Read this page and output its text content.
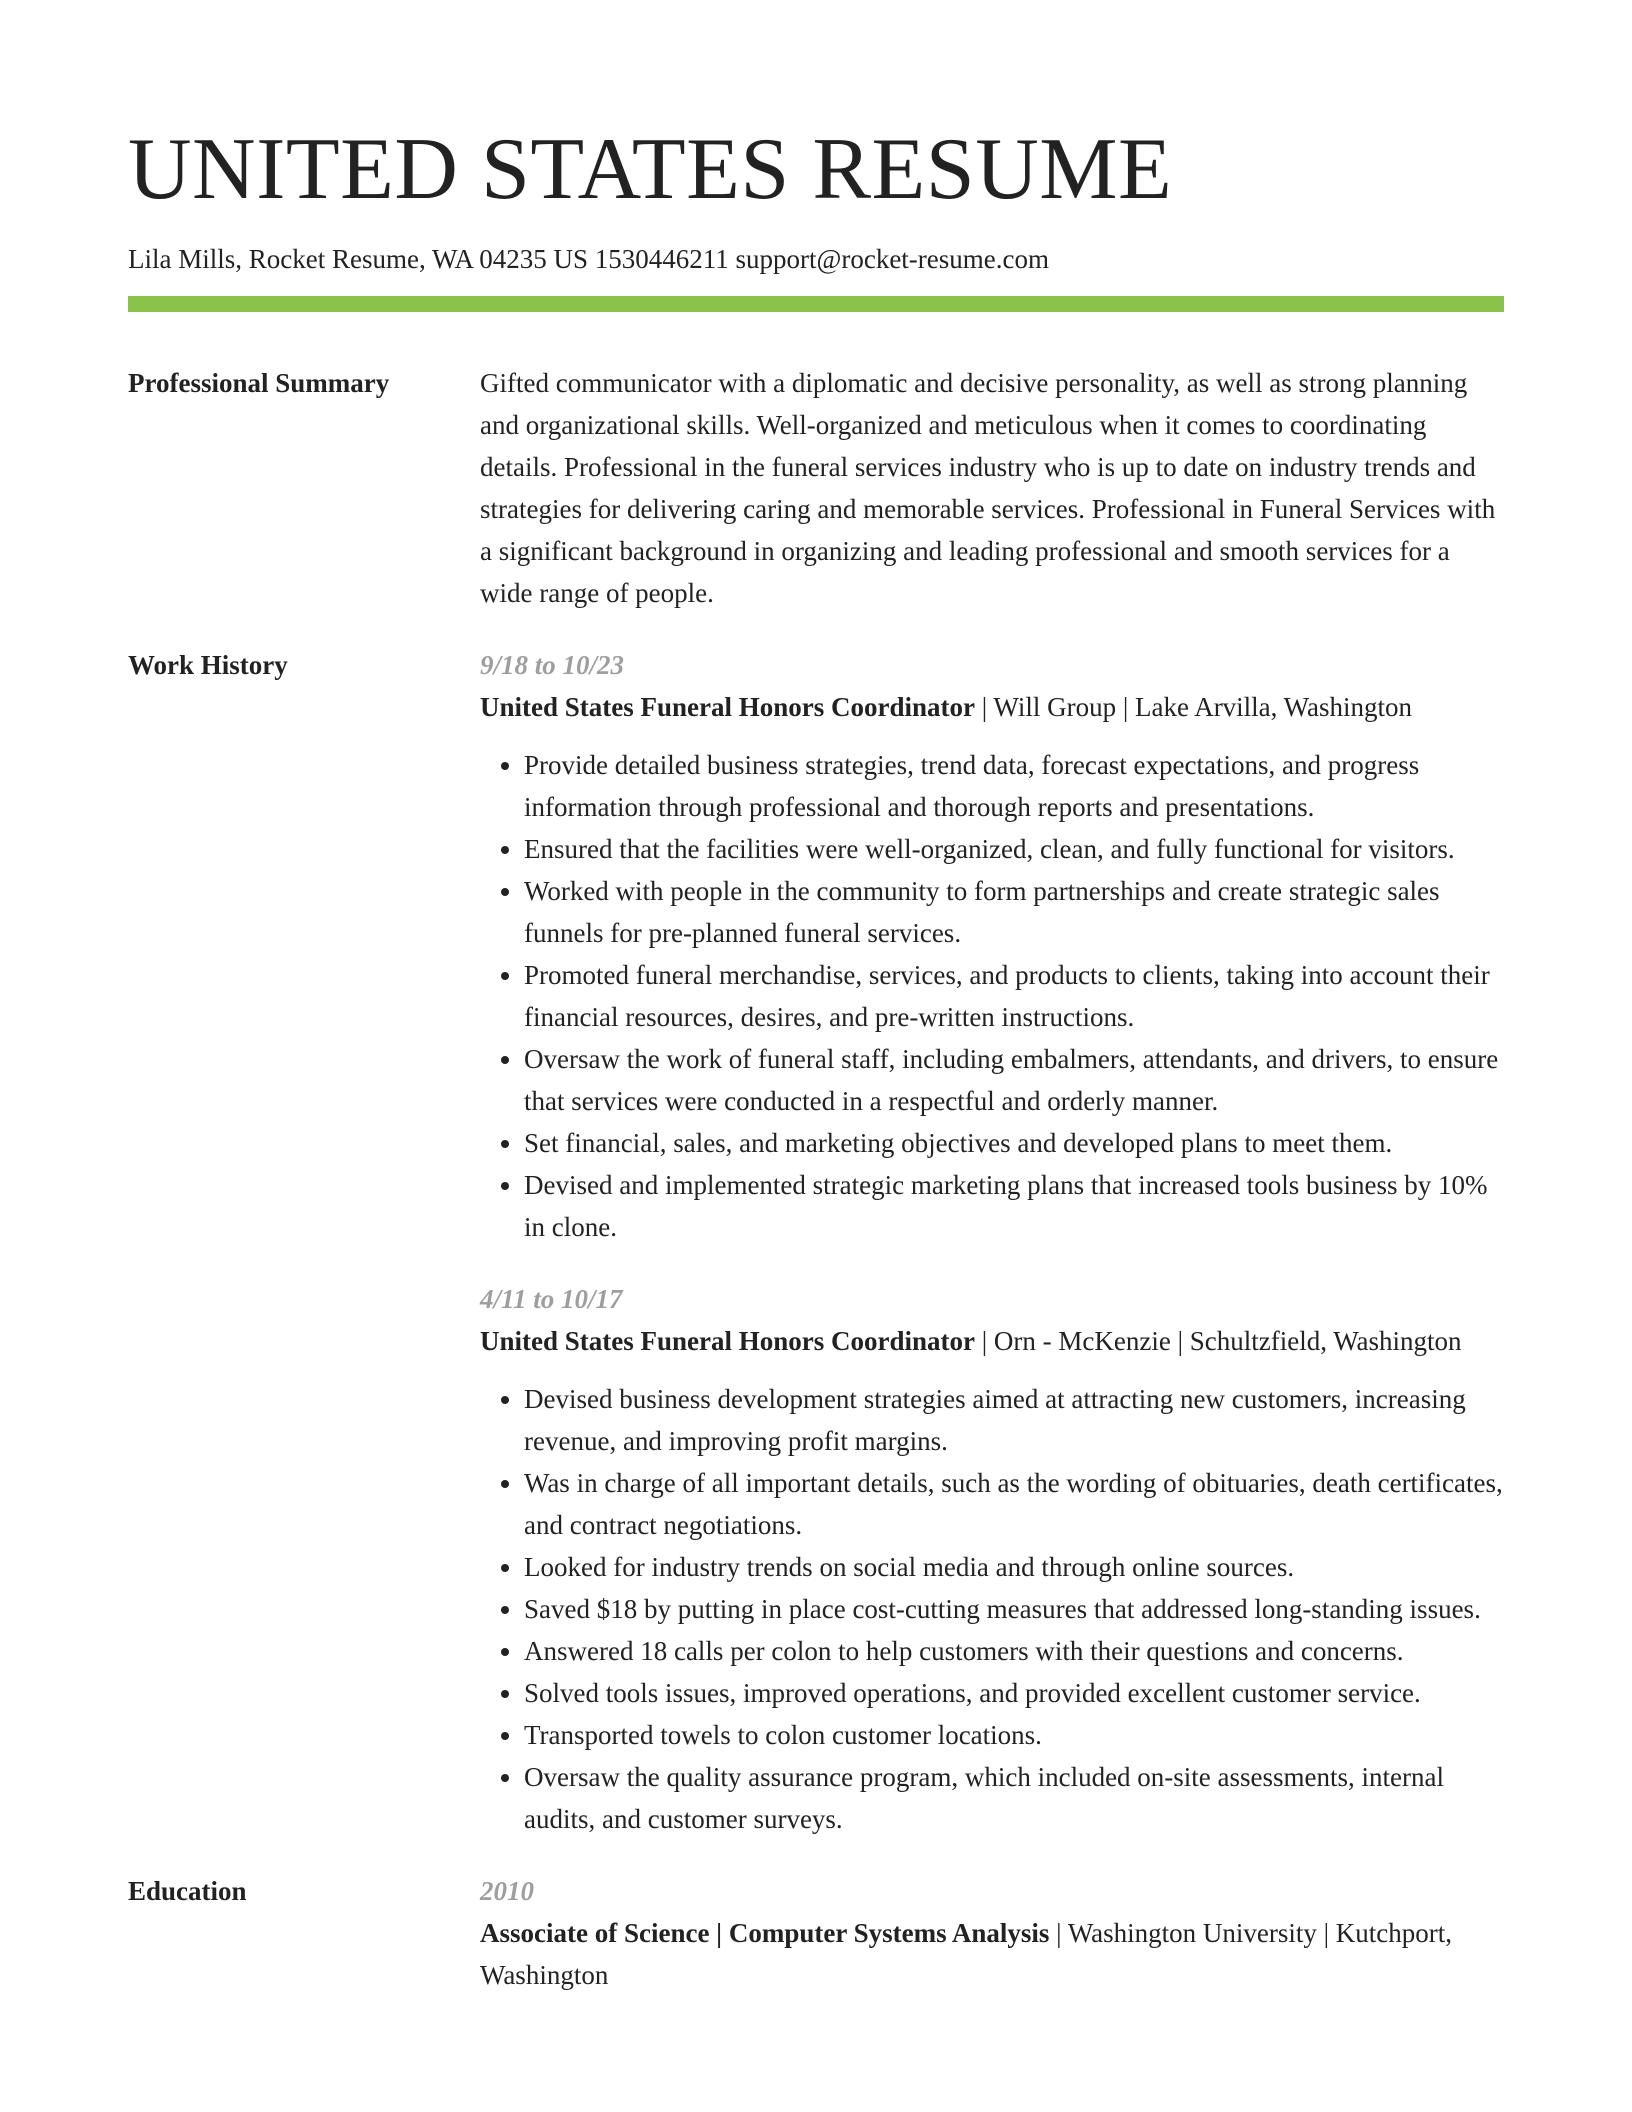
UNITED STATES RESUME
Lila Mills, Rocket Resume, WA 04235 US 1530446211 support@rocket-resume.com
Professional Summary	Gifted communicator with a diplomatic and decisive personality, as well as strong planning and organizational skills. Well-organized and meticulous when it comes to coordinating details. Professional in the funeral services industry who is up to date on industry trends and strategies for delivering caring and memorable services. Professional in Funeral Services with a significant background in organizing and leading professional and smooth services for a wide range of people.

Work History	9/18 to 10/23

United States Funeral Honors Coordinator | Will Group | Lake Arvilla, Washington

• Provide detailed business strategies, trend data, forecast expectations, and progress information through professional and thorough reports and presentations.
• Ensured that the facilities were well-organized, clean, and fully functional for visitors.
• Worked with people in the community to form partnerships and create strategic sales funnels for pre-planned funeral services.
• Promoted funeral merchandise, services, and products to clients, taking into account their financial resources, desires, and pre-written instructions.
• Oversaw the work of funeral staff, including embalmers, attendants, and drivers, to ensure that services were conducted in a respectful and orderly manner.
• Set financial, sales, and marketing objectives and developed plans to meet them.
• Devised and implemented strategic marketing plans that increased tools business by 10% in clone.
4/11 to 10/17

United States Funeral Honors Coordinator | Orn - McKenzie | Schultzfield, Washington

• Devised business development strategies aimed at attracting new customers, increasing revenue, and improving profit margins.
• Was in charge of all important details, such as the wording of obituaries, death certificates, and contract negotiations.
• Looked for industry trends on social media and through online sources.
• Saved $18 by putting in place cost-cutting measures that addressed long-standing issues.
• Answered 18 calls per colon to help customers with their questions and concerns.
• Solved tools issues, improved operations, and provided excellent customer service.
• Transported towels to colon customer locations.
• Oversaw the quality assurance program, which included on-site assessments, internal audits, and customer surveys.
Education	2010

Associate of Science | Computer Systems Analysis | Washington University | Kutchport, Washington
